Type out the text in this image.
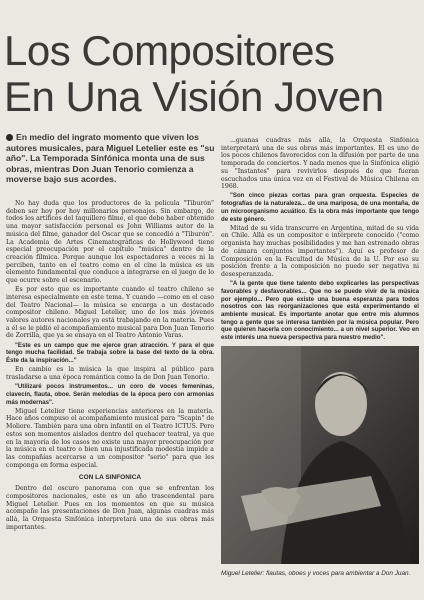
Los Compositores
En Una Visión Joven
En medio del ingrato momento que viven los autores musicales, para Miguel Letelier este es "su año". La Temporada Sinfónica monta una de sus obras, mientras Don Juan Tenorio comienza a moverse bajo sus acordes.

No hay duda que los productores de la película "Tiburón" deben ser hoy por hoy millonarios personajes. Sin embargo, de todos los artífices del taquillero filme, el que debe haber obtenido una mayor satisfacción personal es John Williams autor de la música del filme, ganador del Oscar que se concedió a "Tiburón". La Academia de Artes Cinematográficas de Hollywood tiene especial preocupación por el capítulo "música" dentro de la creación fílmica. Porque aunque los espectadores a veces ni la perciben, tanto en el teatro como en el cine la música es un elemento fundamental que conduce a integrarse en el juego de lo que ocurre sobre el escenario.

Es por esto que es importante cuando el teatro chileno se interesa especialmente en este tema. Y cuando —como en el caso del Teatro Nacional— la música se encarga a un destacado compositor chileno. Miguel Letelier, uno de los más jóvenes valores autores nacionales ya está trabajando en la materia. Pues a él se le pidió el acompañamiento musical para Don Juan Tenorio de Zorrilla, que ya se ensaya en el Teatro Antonio Varas.

"Este es un campo que me ejerce gran atracción. Y para el que tengo mucha facilidad. Se trabaja sobre la base del texto de la obra. Éste da la inspiración..."

En cambio es la música la que inspira al público para trasladarse a una época romántica como la de Don Juan Tenorio.

"Utilizaré pocos instrumentos... un coro de voces femeninas, clavecín, flauta, oboe. Serán melodías de la época pero con armonías más modernas".

Miguel Letelier tiene experiencias anteriores en la materia. Hace años compuso el acompañamiento musical para "Scapin" de Moliere. También para una obra infantil en el Teatro ICTUS. Pero estos son momentos aislados dentro del quehacer teatral, ya que en la mayoría de los casos no existe una mayor preocupación por la música en el teatro o bien una injustificada modestia impide a las compañías acercarse a un compositor "serio" para que les componga en forma especial.

CON LA SINFONICA

Dentro del oscuro panorama con que se enfrentan los compositores nacionales, este es un año trascendental para Miguel Letelier. Pues en los momentos en que su música acompañe las presentaciones de Don Juan, algunas cuadras más allá, la Orquesta Sinfónica interpretará una de sus obras más importantes.

...guanas cuadras más allá, la Orquesta Sinfónica interpretará una de sus obras más importantes. El es uno de los pocos chilenos favorecidos con la difusión por parte de una temporada de conciertos. Y nada menos que la Sinfónica eligió su "Instantes" para revivirlos después de que fueran escuchados una única vez en el Festival de Música Chilena en 1968.

"Son cinco piezas cortas para gran orquesta. Especies de fotografías de la naturaleza... de una mariposa, de una montaña, de un microorganismo acuático. Es la obra más importante que tengo de este género.

Mitad de su vida transcurre en Argentina, mitad de su vida en Chile. Allá es un compositor e intérprete conocido ("como organista hay muchas posibilidades y me han estrenado obras de cámara conjuntos importantes"). Aquí es profesor de Composición en la Facultad de Música de la U. Por eso su posición frente a la composición no puede ser negativa ni desesperanzada.

"A la gente que tiene talento debo explicarles las perspectivas favorables y desfavorables... Que no se puede vivir de la música por ejemplo... Pero que existe una buena esperanza para todos nosotros con las reorganizaciones que está experimentando el ambiente musical. Es importante anotar que entre mis alumnos tengo a gente que se interesa también por la música popular. Pero que quieren hacerla con conocimiento... a un nivel superior. Veo en este interés una nueva perspectiva para nuestro medio".

Miguel Letelier: flautas, oboes y voces para ambientar a Don Juan.
